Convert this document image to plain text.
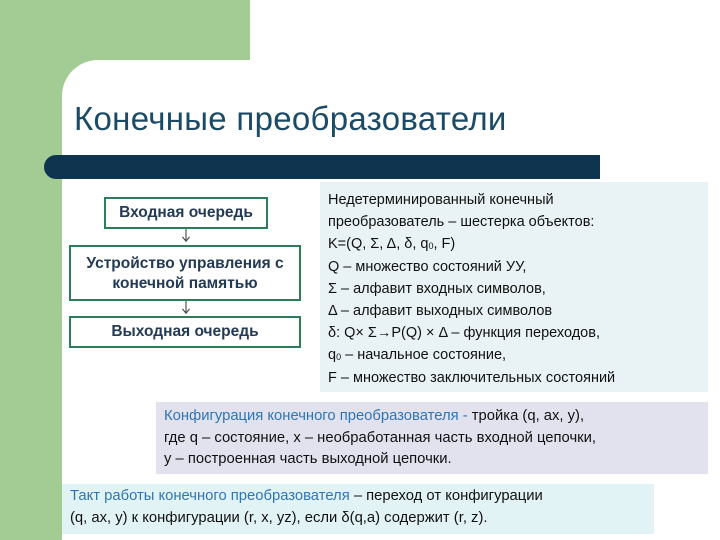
Конечные преобразователи
Входная очередь
Устройство управления с
конечной памятью
Выходная очередь
Недетерминированный конечный
преобразователь – шестерка объектов:
K=(Q, Σ, Δ, δ, $q_0$, F)
Q – множество состояний УУ,
Σ – алфавит входных символов,
Δ – алфавит выходных символов
δ: Q× Σ→P(Q) × Δ – функция переходов,
$q_0$ – начальное состояние,
F – множество заключительных состояний
Конфигурация конечного преобразователя - тройка (q, ax, y),
где q – состояние, x – необработанная часть входной цепочки,
y – построенная часть выходной цепочки.
Такт работы конечного преобразователя – переход от конфигурации
(q, ax, y) к конфигурации (r, x, yz), если δ(q,a) содержит (r, z).
